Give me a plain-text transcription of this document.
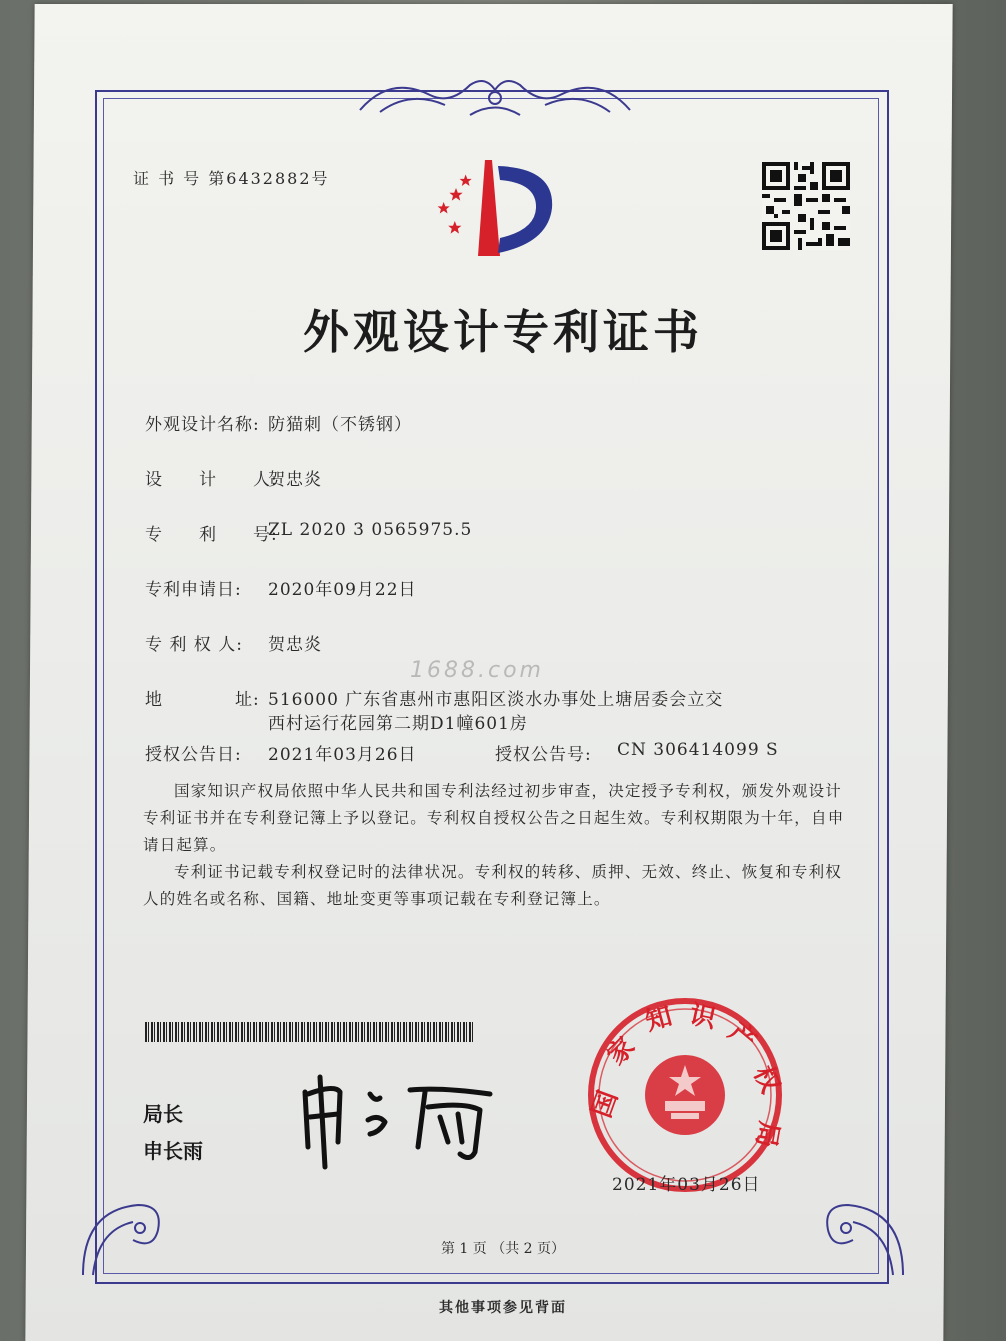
证 书 号 第6432882号
外观设计专利证书
外观设计名称: 防猫刺（不锈钢）
设　　计　　人:
贺忠炎
专　　利　　号:
ZL 2020 3 0565975.5
专利申请日: 2020年09月22日
专 利 权 人: 贺忠炎
1688.com
地　　　　址: 516000 广东省惠州市惠阳区淡水办事处上塘居委会立交
西村运行花园第二期D1幢601房
授权公告日: 2021年03月26日	授权公告号: CN 306414099 S

国家知识产权局依照中华人民共和国专利法经过初步审查，决定授予专利权，颁发外观设计专利证书并在专利登记簿上予以登记。专利权自授权公告之日起生效。专利权期限为十年，自申请日起算。

专利证书记载专利权登记时的法律状况。专利权的转移、质押、无效、终止、恢复和专利权人的姓名或名称、国籍、地址变更等事项记载在专利登记簿上。

局长
申长雨
国
家
知 识 产
权
局
2021年03月26日
第 1 页 （共 2 页）
其他事项参见背面
